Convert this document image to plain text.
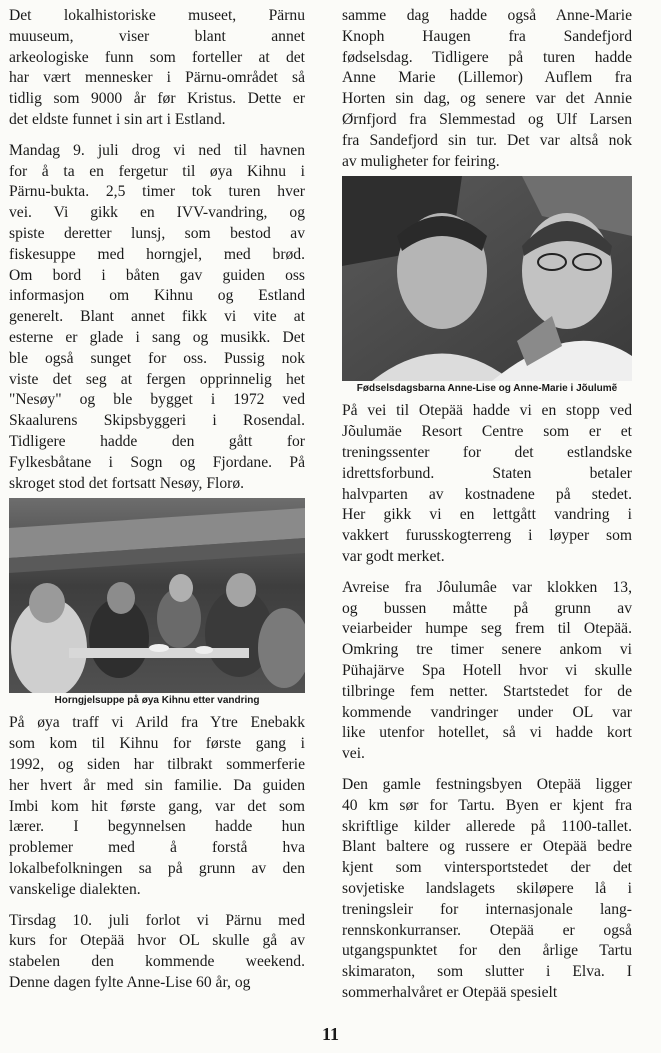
Det lokalhistoriske museet, Pärnu
muuseum, viser blant annet
arkeologiske funn som forteller at det
har vært mennesker i Pärnu-området så
tidlig som 9000 år før Kristus. Dette er
det eldste funnet i sin art i Estland.

Mandag 9. juli drog vi ned til havnen
for å ta en fergetur til øya Kihnu i
Pärnu-bukta. 2,5 timer tok turen hver
vei. Vi gikk en IVV-vandring, og
spiste deretter lunsj, som bestod av
fiskesuppe med horngjel, med brød.
Om bord i båten gav guiden oss
informasjon om Kihnu og Estland
generelt. Blant annet fikk vi vite at
esterne er glade i sang og musikk. Det
ble også sunget for oss. Pussig nok
viste det seg at fergen opprinnelig het
"Nesøy" og ble bygget i 1972 ved
Skaalurens Skipsbyggeri i Rosendal.
Tidligere hadde den gått for
Fylkesbåtane i Sogn og Fjordane. På
skroget stod det fortsatt Nesøy, Florø.

Horngjelsuppe på øya Kihnu etter vandring

På øya traff vi Arild fra Ytre Enebakk
som kom til Kihnu for første gang i
1992, og siden har tilbrakt sommerferie
her hvert år med sin familie. Da guiden
Imbi kom hit første gang, var det som
lærer. I begynnelsen hadde hun
problemer med å forstå hva
lokalbefolkningen sa på grunn av den
vanskelige dialekten.

Tirsdag 10. juli forlot vi Pärnu med
kurs for Otepää hvor OL skulle gå av
stabelen den kommende weekend.
Denne dagen fylte Anne-Lise 60 år, og

samme dag hadde også Anne-Marie
Knoph Haugen fra Sandefjord
fødselsdag. Tidligere på turen hadde
Anne Marie (Lillemor) Auflem fra
Horten sin dag, og senere var det Annie
Ørnfjord fra Slemmestad og Ulf Larsen
fra Sandefjord sin tur. Det var altså nok
av muligheter for feiring.

Fødselsdagsbarna Anne-Lise og Anne-Marie i Jõulumẽ

På vei til Otepää hadde vi en stopp ved
Jõulumäe Resort Centre som er et
treningssenter for det estlandske
idrettsforbund. Staten betaler
halvparten av kostnadene på stedet.
Her gikk vi en lettgått vandring i
vakkert furusskogterreng i løyper som
var godt merket.

Avreise fra Jôulumâe var klokken 13,
og bussen måtte på grunn av
veiarbeider humpe seg frem til Otepää.
Omkring tre timer senere ankom vi
Pühajärve Spa Hotell hvor vi skulle
tilbringe fem netter. Startstedet for de
kommende vandringer under OL var
like utenfor hotellet, så vi hadde kort
vei.

Den gamle festningsbyen Otepää ligger
40 km sør for Tartu. Byen er kjent fra
skriftlige kilder allerede på 1100-tallet.
Blant baltere og russere er Otepää bedre
kjent som vintersportstedet der det
sovjetiske landslagets skiløpere lå i
treningsleir for internasjonale lang-
rennskonkurranser. Otepää er også
utgangspunktet for den årlige Tartu
skimaraton, som slutter i Elva. I
sommerhalvåret er Otepää spesielt

11
